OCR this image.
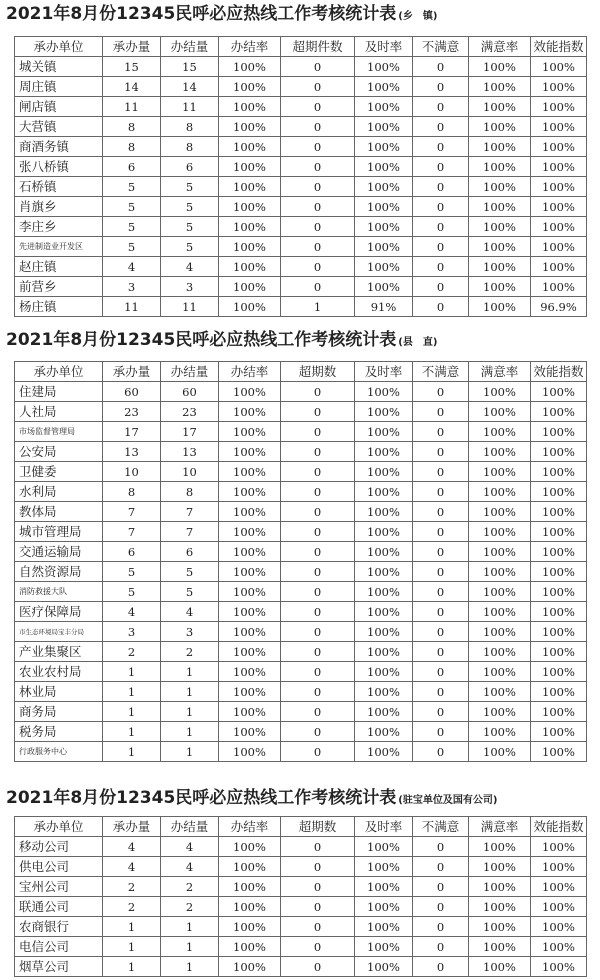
2021年8月份12345民呼必应热线工作考核统计表 (乡　镇)
承办单位	承办量	办结量	办结率	超期件数	及时率	不满意	满意率	效能指数
城关镇	15	15	100%	0	100%	0	100%	100%
周庄镇	14	14	100%	0	100%	0	100%	100%
闸店镇	11	11	100%	0	100%	0	100%	100%
大营镇	8	8	100%	0	100%	0	100%	100%
商酒务镇	8	8	100%	0	100%	0	100%	100%
张八桥镇	6	6	100%	0	100%	0	100%	100%
石桥镇	5	5	100%	0	100%	0	100%	100%
肖旗乡	5	5	100%	0	100%	0	100%	100%
李庄乡	5	5	100%	0	100%	0	100%	100%
先进制造业开发区	5	5	100%	0	100%	0	100%	100%
赵庄镇	4	4	100%	0	100%	0	100%	100%
前营乡	3	3	100%	0	100%	0	100%	100%
杨庄镇	11	11	100%	1	91%	0	100%	96.9%
2021年8月份12345民呼必应热线工作考核统计表 (县　直)
承办单位	承办量	办结量	办结率	超期数	及时率	不满意	满意率	效能指数
住建局	60	60	100%	0	100%	0	100%	100%
人社局	23	23	100%	0	100%	0	100%	100%
市场监督管理局	17	17	100%	0	100%	0	100%	100%
公安局	13	13	100%	0	100%	0	100%	100%
卫健委	10	10	100%	0	100%	0	100%	100%
水利局	8	8	100%	0	100%	0	100%	100%
教体局	7	7	100%	0	100%	0	100%	100%
城市管理局	7	7	100%	0	100%	0	100%	100%
交通运输局	6	6	100%	0	100%	0	100%	100%
自然资源局	5	5	100%	0	100%	0	100%	100%
消防救援大队	5	5	100%	0	100%	0	100%	100%
医疗保障局	4	4	100%	0	100%	0	100%	100%
市生态环境局宝丰分局	3	3	100%	0	100%	0	100%	100%
产业集聚区	2	2	100%	0	100%	0	100%	100%
农业农村局	1	1	100%	0	100%	0	100%	100%
林业局	1	1	100%	0	100%	0	100%	100%
商务局	1	1	100%	0	100%	0	100%	100%
税务局	1	1	100%	0	100%	0	100%	100%
行政服务中心	1	1	100%	0	100%	0	100%	100%
2021年8月份12345民呼必应热线工作考核统计表 (驻宝单位及国有公司)
承办单位	承办量	办结量	办结率	超期数	及时率	不满意	满意率	效能指数
移动公司	4	4	100%	0	100%	0	100%	100%
供电公司	4	4	100%	0	100%	0	100%	100%
宝州公司	2	2	100%	0	100%	0	100%	100%
联通公司	2	2	100%	0	100%	0	100%	100%
农商银行	1	1	100%	0	100%	0	100%	100%
电信公司	1	1	100%	0	100%	0	100%	100%
烟草公司	1	1	100%	0	100%	0	100%	100%
